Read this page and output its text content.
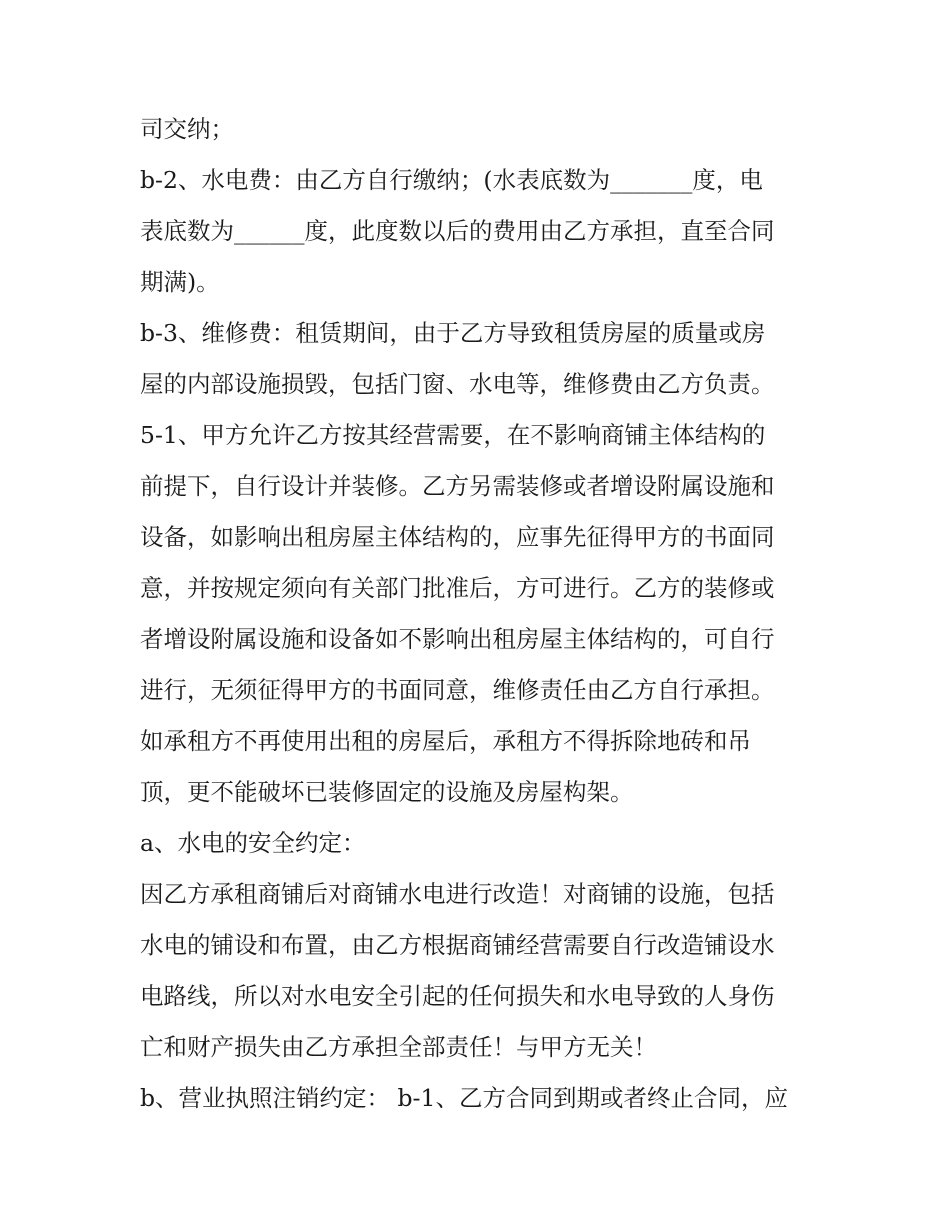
司交纳；
b-2、水电费：由乙方自行缴纳；(水表底数为_______度，电
表底数为______度，此度数以后的费用由乙方承担，直至合同
期满)。
b-3、维修费：租赁期间，由于乙方导致租赁房屋的质量或房
屋的内部设施损毁，包括门窗、水电等，维修费由乙方负责。
5-1、甲方允许乙方按其经营需要，在不影响商铺主体结构的
前提下，自行设计并装修。乙方另需装修或者增设附属设施和
设备，如影响出租房屋主体结构的，应事先征得甲方的书面同
意，并按规定须向有关部门批准后，方可进行。乙方的装修或
者增设附属设施和设备如不影响出租房屋主体结构的，可自行
进行，无须征得甲方的书面同意，维修责任由乙方自行承担。
如承租方不再使用出租的房屋后，承租方不得拆除地砖和吊
顶，更不能破坏已装修固定的设施及房屋构架。
a、水电的安全约定：
因乙方承租商铺后对商铺水电进行改造！对商铺的设施，包括
水电的铺设和布置，由乙方根据商铺经营需要自行改造铺设水
电路线，所以对水电安全引起的任何损失和水电导致的人身伤
亡和财产损失由乙方承担全部责任！与甲方无关！
b、营业执照注销约定： b-1、乙方合同到期或者终止合同，应
